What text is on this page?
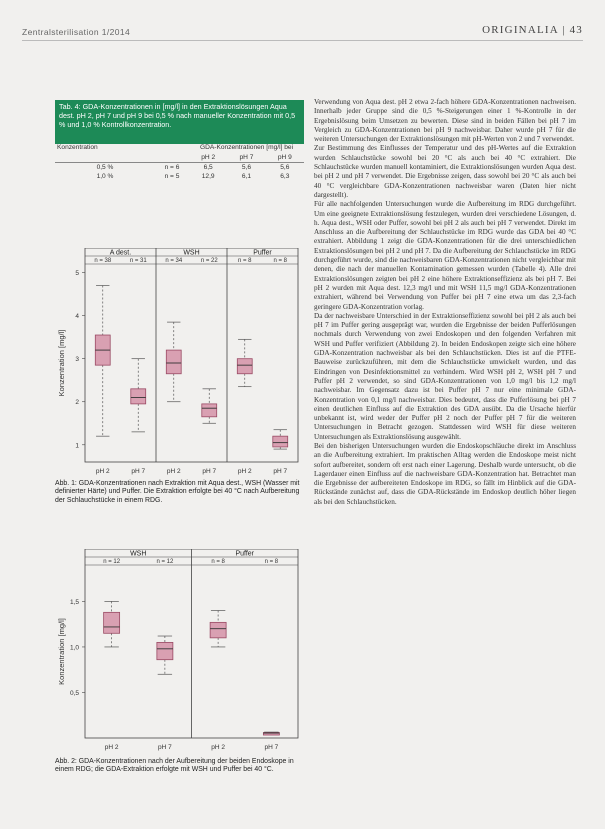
Zentralsterilisation 1/2014	ORIGINALIA | 43
Tab. 4: GDA-Konzentrationen in [mg/l] in den Extraktionslösungen Aqua dest. pH 2, pH 7 und pH 9 bei 0,5 % nach manueller Konzentration mit 0,5 % und 1,0 % Kontrollkonzentration.
Konzentration		GDA-Konzentrationen [mg/l] bei		
		pH 2	pH 7	pH 9
0,5 %	n = 6	6,5	5,6	5,6
1,0 %	n = 5	12,9	6,1	6,3
A dest.	WSH	Puffer
5
4
3
2
1
Konzentration [mg/l]
n = 38
pH 2
n = 31
pH 7
n = 34
pH 2
n = 22
pH 7
n = 8
pH 2
n = 8
pH 7
Abb. 1: GDA-Konzentrationen nach Extraktion mit Aqua dest., WSH (Wasser mit definierter Härte) und Puffer. Die Extraktion erfolgte bei 40 °C nach Aufbereitung der Schlauchstücke in einem RDG.
WSH	Puffer
1,5
1,0
0,5
Konzentration [mg/l]
n = 12
pH 2
n = 12
pH 7
n = 8
pH 2
n = 8
pH 7
Abb. 2: GDA-Konzentrationen nach der Aufbereitung der beiden Endoskope in einem RDG; die GDA-Extraktion erfolgte mit WSH und Puffer bei 40 °C.

Verwendung von Aqua dest. pH 2 etwa 2-fach höhere GDA-Konzentrationen nachweisen. Innerhalb jeder Gruppe sind die 0,5 %-Steigerungen einer 1 %-Kontrolle in der Ergebnislösung beim Umsetzen zu bewerten. Diese sind in beiden Fällen bei pH 7 im Vergleich zu GDA-Konzentrationen bei pH 9 nachweisbar. Daher wurde pH 7 für die weiteren Untersuchungen der Extraktionslösungen mit pH-Werten von 2 und 7 verwendet.

Zur Bestimmung des Einflusses der Temperatur und des pH-Wertes auf die Extraktion wurden Schlauchstücke sowohl bei 20 °C als auch bei 40 °C extrahiert. Die Schlauchstücke wurden manuell kontaminiert, die Extraktionslösungen wurden Aqua dest. bei pH 2 und pH 7 verwendet. Die Ergebnisse zeigen, dass sowohl bei 20 °C als auch bei 40 °C vergleichbare GDA-Konzentrationen nachweisbar waren (Daten hier nicht dargestellt).

Für alle nachfolgenden Untersuchungen wurde die Aufbereitung im RDG durchgeführt. Um eine geeignete Extraktionslösung festzulegen, wurden drei verschiedene Lösungen, d. h. Aqua dest., WSH oder Puffer, sowohl bei pH 2 als auch bei pH 7 verwendet. Direkt im Anschluss an die Aufbereitung der Schlauchstücke im RDG wurde das GDA bei 40 °C extrahiert. Abbildung 1 zeigt die GDA-Konzentrationen für die drei unterschiedlichen Extraktionslösungen bei pH 2 und pH 7. Da die Aufbereitung der Schlauchstücke im RDG durchgeführt wurde, sind die nachweisbaren GDA-Konzentrationen nicht vergleichbar mit denen, die nach der manuellen Kontamination gemessen wurden (Tabelle 4). Alle drei Extraktionslösungen zeigten bei pH 2 eine höhere Extraktionseffizienz als bei pH 7. Bei pH 2 wurden mit Aqua dest. 12,3 mg/l und mit WSH 11,5 mg/l GDA-Konzentrationen extrahiert, während bei Verwendung von Puffer bei pH 7 eine etwa um das 2,3-fach geringere GDA-Konzentration vorlag.

Da der nachweisbare Unterschied in der Extraktionseffizienz sowohl bei pH 2 als auch bei pH 7 im Puffer gering ausgeprägt war, wurden die Ergebnisse der beiden Pufferlösungen nochmals durch Verwendung von zwei Endoskopen und den folgenden Verfahren mit WSH und Puffer verifiziert (Abbildung 2). In beiden Endoskopen zeigte sich eine höhere GDA-Konzentration nachweisbar als bei den Schlauchstücken. Dies ist auf die PTFE-Bauweise zurückzuführen, mit dem die Schlauchstücke umwickelt wurden, und das Eindringen von Desinfektionsmittel zu verhindern. Wird WSH pH 2, WSH pH 7 und Puffer pH 2 verwendet, so sind GDA-Konzentrationen von 1,0 mg/l bis 1,2 mg/l nachweisbar. Im Gegensatz dazu ist bei Puffer pH 7 nur eine minimale GDA-Konzentration von 0,1 mg/l nachweisbar. Dies bedeutet, dass die Pufferlösung bei pH 7 einen deutlichen Einfluss auf die Extraktion des GDA ausübt. Da die Ursache hierfür unbekannt ist, wird weder der Puffer pH 2 noch der Puffer pH 7 für die weiteren Untersuchungen in Betracht gezogen. Stattdessen wird WSH für diese weiteren Untersuchungen als Extraktionslösung ausgewählt.

Bei den bisherigen Untersuchungen wurden die Endoskopschläuche direkt im Anschluss an die Aufbereitung extrahiert. Im praktischen Alltag werden die Endoskope meist nicht sofort aufbereitet, sondern oft erst nach einer Lagerung. Deshalb wurde untersucht, ob die Lagerdauer einen Einfluss auf die nachweisbare GDA-Konzentration hat. Betrachtet man die Ergebnisse der aufbereiteten Endoskope im RDG, so fällt im Hinblick auf die GDA-Rückstände zunächst auf, dass die GDA-Rückstände im Endoskop deutlich höher liegen als bei den Schlauchstücken.
